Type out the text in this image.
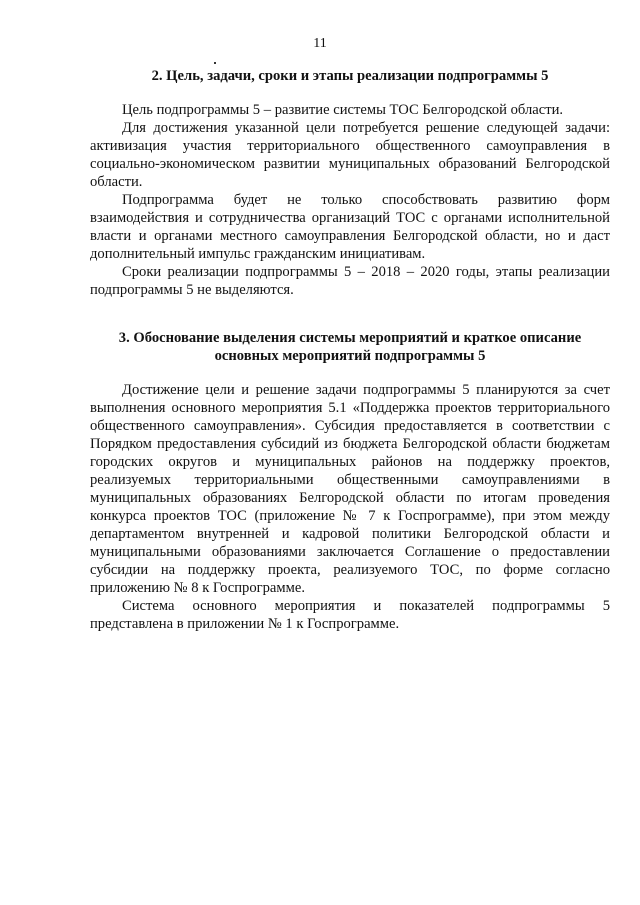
11

2. Цель, задачи, сроки и этапы реализации подпрограммы 5

Цель подпрограммы 5 – развитие системы ТОС Белгородской области.

Для достижения указанной цели потребуется решение следующей задачи: активизация участия территориального общественного самоуправления в социально-экономическом развитии муниципальных образований Белгородской области.

Подпрограмма будет не только способствовать развитию форм взаимодействия и сотрудничества организаций ТОС с органами исполнительной власти и органами местного самоуправления Белгородской области, но и даст дополнительный импульс гражданским инициативам.

Сроки реализации подпрограммы 5 – 2018 – 2020 годы, этапы реализации подпрограммы 5 не выделяются.

3. Обоснование выделения системы мероприятий и краткое описание
основных мероприятий подпрограммы 5

Достижение цели и решение задачи подпрограммы 5 планируются за счет выполнения основного мероприятия 5.1 «Поддержка проектов территориального общественного самоуправления». Субсидия предоставляется в соответствии с Порядком предоставления субсидий из бюджета Белгородской области бюджетам городских округов и муниципальных районов на поддержку проектов, реализуемых территориальными общественными самоуправлениями в муниципальных образованиях Белгородской области по итогам проведения конкурса проектов ТОС (приложение № 7 к Госпрограмме), при этом между департаментом внутренней и кадровой политики Белгородской области и муниципальными образованиями заключается Соглашение о предоставлении субсидии на поддержку проекта, реализуемого ТОС, по форме согласно приложению № 8 к Госпрограмме.

Система основного мероприятия и показателей подпрограммы 5 представлена в приложении № 1 к Госпрограмме.
